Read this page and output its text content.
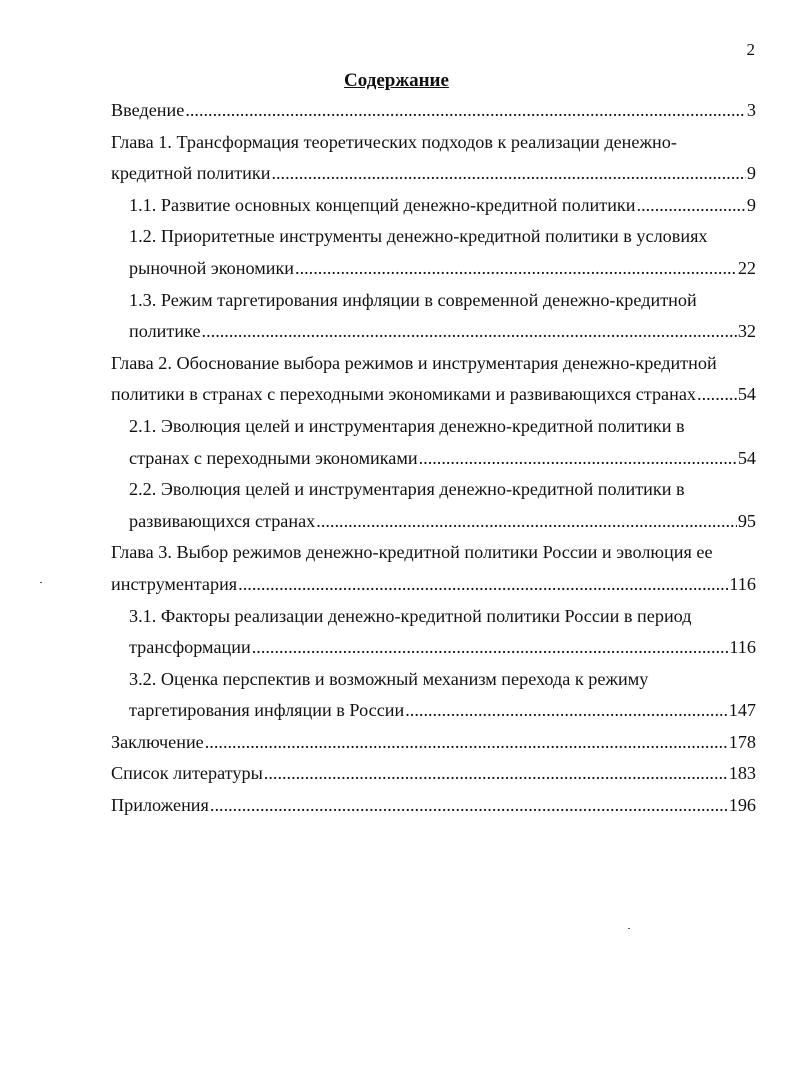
2
Содержание
Введение .....	3
Глава 1. Трансформация теоретических подходов к реализации денежно-
кредитной политики .....	9
1.1. Развитие основных концепций денежно-кредитной политики .....	9
1.2. Приоритетные инструменты денежно-кредитной политики в условиях
рыночной экономики .....	22
1.3. Режим таргетирования инфляции в современной денежно-кредитной
политике .....	32
Глава 2. Обоснование выбора режимов и инструментария денежно-кредитной
политики в странах с переходными экономиками и развивающихся странах ..... 54
2.1. Эволюция целей и инструментария денежно-кредитной политики в
странах с переходными экономиками .....	54
2.2. Эволюция целей и инструментария денежно-кредитной политики в
развивающихся странах .....	95
Глава 3. Выбор режимов денежно-кредитной политики России и эволюция ее
инструментария .....	116
3.1. Факторы реализации денежно-кредитной политики России в период
трансформации .....	116
3.2. Оценка перспектив и возможный механизм перехода к режиму
таргетирования инфляции в России .....	147
Заключение .....	178
Список литературы .....	183
Приложения .....	196
